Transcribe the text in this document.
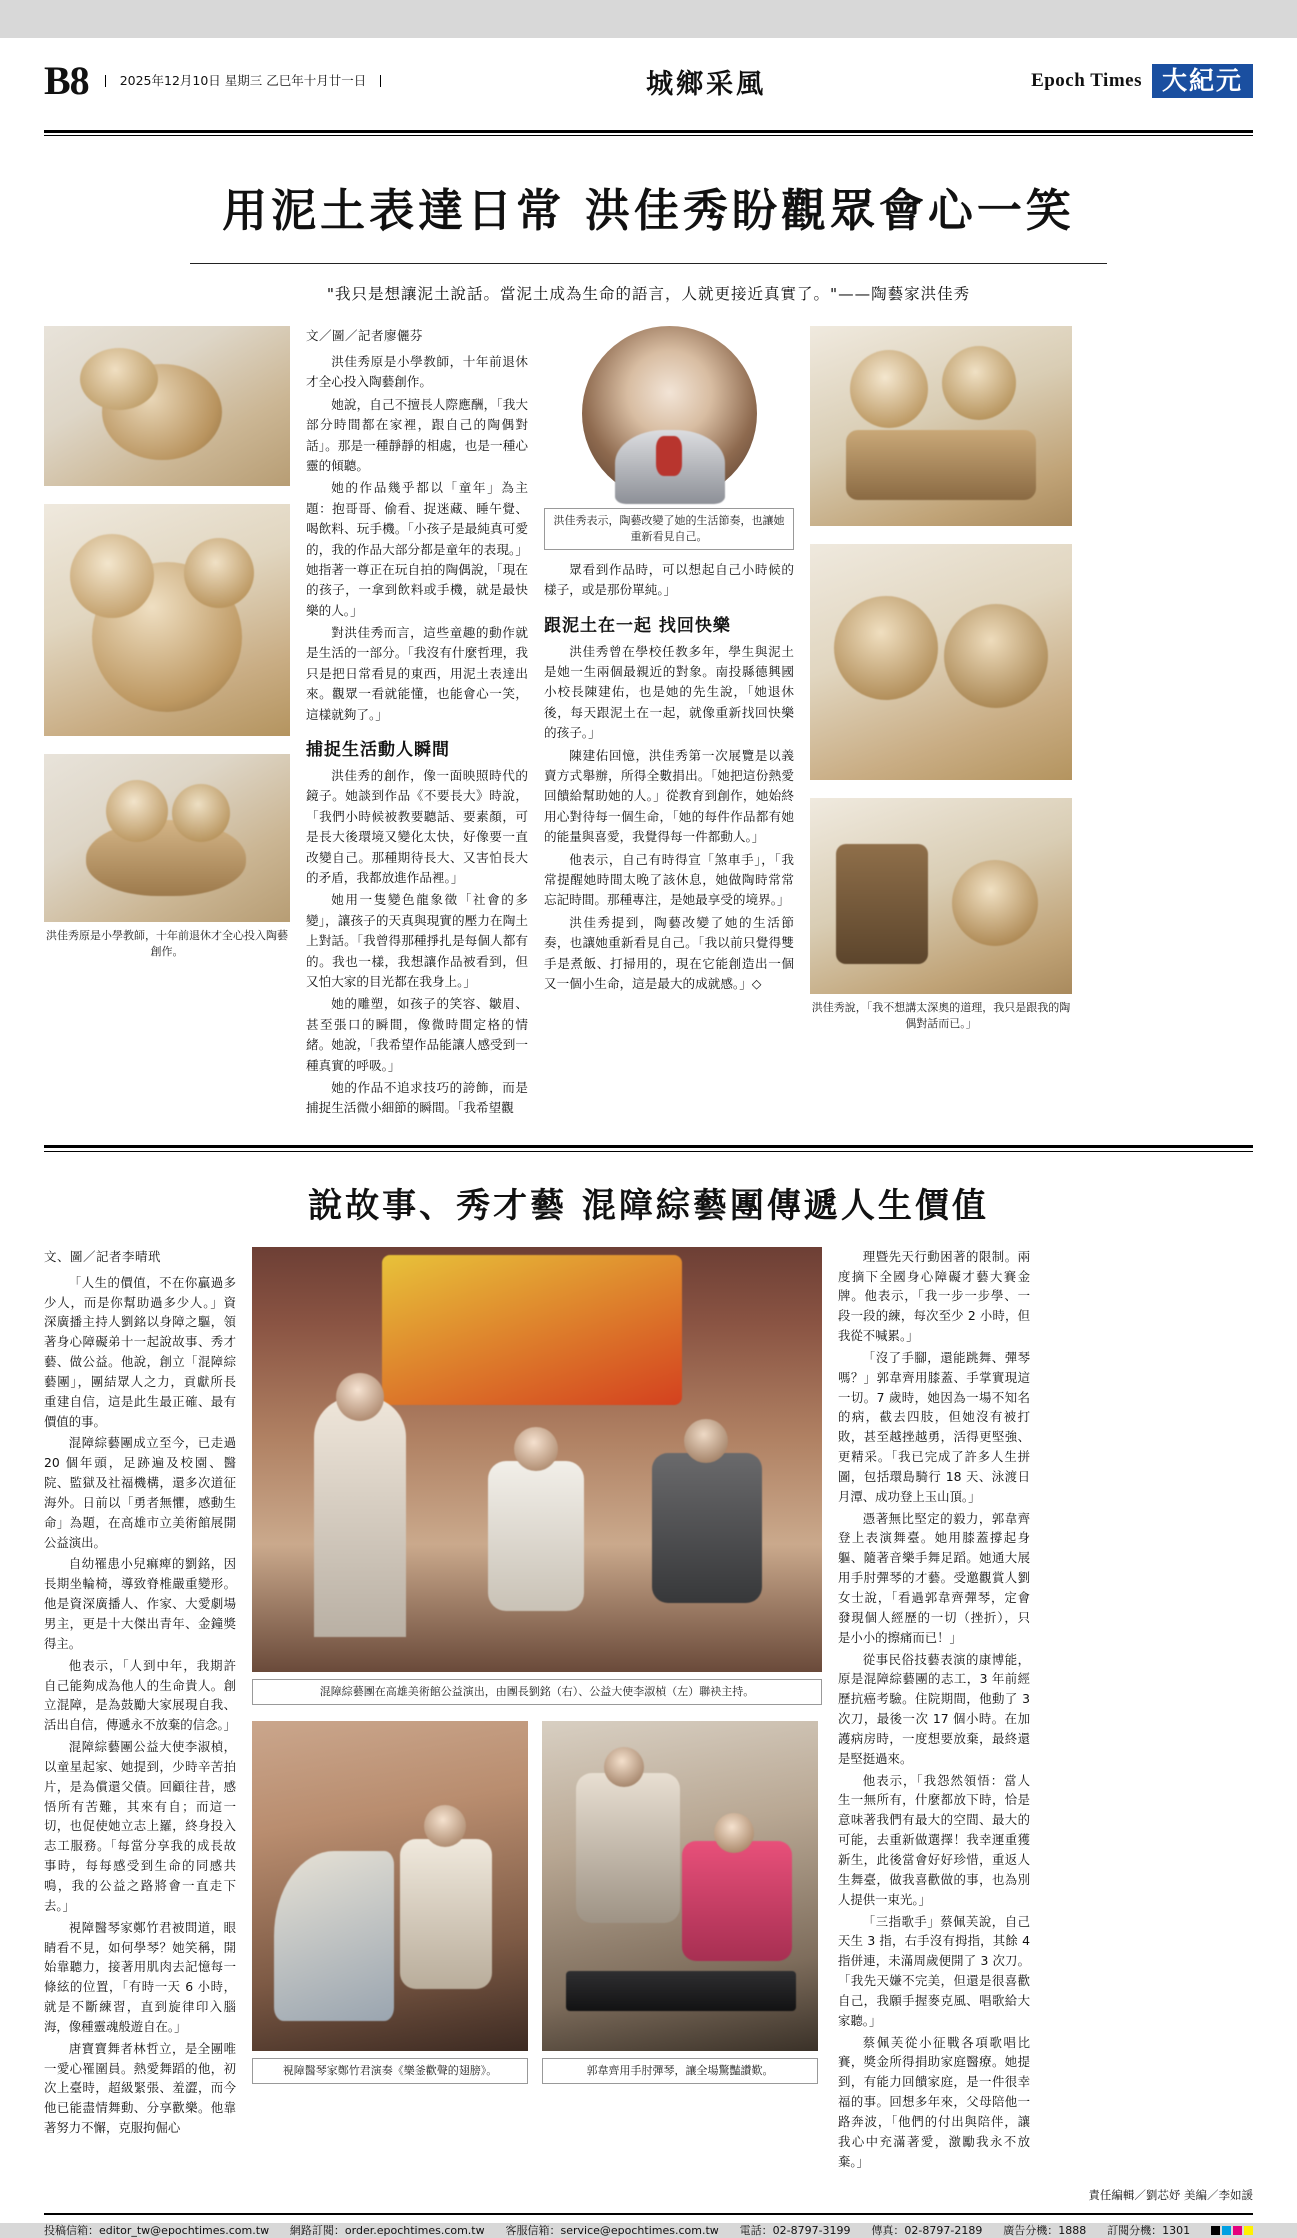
B8	2025年12月10日 星期三 乙巳年十月廿一日	城鄉采風	Epoch Times 大紀元
用泥土表達日常 洪佳秀盼觀眾會心一笑
"我只是想讓泥土說話。當泥土成為生命的語言，人就更接近真實了。"——陶藝家洪佳秀
洪佳秀原是小學教師，十年前退休才全心投入陶藝創作。
文／圖／記者廖儷芬

洪佳秀原是小學教師，十年前退休才全心投入陶藝創作。

她說，自己不擅長人際應酬，「我大部分時間都在家裡，跟自己的陶偶對話」。那是一種靜靜的相處，也是一種心靈的傾聽。

她的作品幾乎都以「童年」為主題：抱哥哥、偷看、捉迷藏、睡午覺、喝飲料、玩手機。「小孩子是最純真可愛的，我的作品大部分都是童年的表現。」她指著一尊正在玩自拍的陶偶說，「現在的孩子，一拿到飲料或手機，就是最快樂的人。」

對洪佳秀而言，這些童趣的動作就是生活的一部分。「我沒有什麼哲理，我只是把日常看見的東西，用泥土表達出來。觀眾一看就能懂，也能會心一笑，這樣就夠了。」

捕捉生活動人瞬間

洪佳秀的創作，像一面映照時代的鏡子。她談到作品《不要長大》時說，「我們小時候被教要聽話、要素顏，可是長大後環境又變化太快，好像要一直改變自己。那種期待長大、又害怕長大的矛盾，我都放進作品裡。」

她用一隻變色龍象徵「社會的多變」，讓孩子的天真與現實的壓力在陶土上對話。「我曾得那種掙扎是每個人都有的。我也一樣，我想讓作品被看到，但又怕大家的目光都在我身上。」

她的雕塑，如孩子的笑容、皺眉、甚至張口的瞬間，像微時間定格的情緒。她說，「我希望作品能讓人感受到一種真實的呼吸。」

她的作品不追求技巧的誇飾，而是捕捉生活微小細節的瞬間。「我希望觀

洪佳秀表示，陶藝改變了她的生活節奏，也讓她重新看見自己。

眾看到作品時，可以想起自己小時候的樣子，或是那份單純。」

跟泥土在一起 找回快樂

洪佳秀曾在學校任教多年，學生與泥土是她一生兩個最親近的對象。南投縣德興國小校長陳建佑，也是她的先生說，「她退休後，每天跟泥土在一起，就像重新找回快樂的孩子。」

陳建佑回憶，洪佳秀第一次展覽是以義賣方式舉辦，所得全數捐出。「她把這份熱愛回饋給幫助她的人。」從教育到創作，她始終用心對待每一個生命，「她的每件作品都有她的能量與喜愛，我覺得每一件都動人。」

他表示，自己有時得宣「煞車手」，「我常提醒她時間太晚了該休息，她做陶時常常忘記時間。那種專注，是她最享受的境界。」

洪佳秀提到，陶藝改變了她的生活節奏，也讓她重新看見自己。「我以前只覺得雙手是煮飯、打掃用的，現在它能創造出一個又一個小生命，這是最大的成就感。」◇

洪佳秀說，「我不想講太深奧的道理，我只是跟我的陶偶對話而已。」
說故事、秀才藝 混障綜藝團傳遞人生價值
文、圖／記者李晴玳

「人生的價值，不在你贏過多少人，而是你幫助過多少人。」資深廣播主持人劉銘以身障之驅，領著身心障礙弟十一起說故事、秀才藝、做公益。他說，創立「混障綜藝團」，團結眾人之力，貢獻所長重建自信，這是此生最正確、最有價值的事。

混障綜藝團成立至今，已走過 20 個年頭，足跡遍及校園、醫院、監獄及社福機構，還多次道征海外。日前以「勇者無懼，感動生命」為題，在高雄市立美術館展開公益演出。

自幼罹患小兒痲痺的劉銘，因長期坐輪椅，導致脊椎嚴重變形。他是資深廣播人、作家、大愛劇場男主，更是十大傑出青年、金鐘獎得主。

他表示，「人到中年，我期許自己能夠成為他人的生命貴人。創立混障，是為鼓勵大家展現自我、活出自信，傳遞永不放棄的信念。」

混障綜藝團公益大使李淑楨，以童星起家、她提到，少時辛苦拍片，是為償還父債。回顧往昔，感悟所有苦難，其來有自；而這一切，也促使她立志上羅，終身投入志工服務。「每當分享我的成長故事時，每每感受到生命的同感共鳴，我的公益之路將會一直走下去。」

視障醫琴家鄭竹君被問道，眼睛看不見，如何學琴？她笑稱，開始靠聽力，接著用肌肉去記憶每一條絃的位置，「有時一天 6 小時，就是不斷練習，直到旋律印入腦海，像種靈魂般遊自在。」

唐寶寶舞者林哲立，是全團唯一愛心罹圍員。熱愛舞蹈的他，初次上臺時，超級緊張、羞澀，而今他已能盡情舞動、分享歡樂。他靠著努力不懈，克服拘倔心

混障綜藝團在高雄美術館公益演出，由團長劉銘（右）、公益大使李淑楨（左）聯袂主持。
視障醫琴家鄭竹君演奏《樂釜歡聲的翅膀》。	郭韋齊用手肘彈琴，讓全場驚豔讚歎。

理暨先天行動困著的限制。兩度摘下全國身心障礙才藝大賽金牌。他表示，「我一步一步學、一段一段的練，每次至少 2 小時，但我從不喊累。」

「沒了手腳，還能跳舞、彈琴嗎？」郭韋齊用膝蓋、手掌實現這一切。7 歲時，她因為一場不知名的病，截去四肢，但她沒有被打敗，甚至越挫越勇，活得更堅強、更精采。「我已完成了許多人生拼圖，包括環島騎行 18 天、泳渡日月潭、成功登上玉山頂。」

憑著無比堅定的毅力，郭韋齊登上表演舞臺。她用膝蓋撐起身軀、隨著音樂手舞足蹈。她通大展用手肘彈琴的才藝。受邀觀賞人劉女士說，「看過郭韋齊彈琴，定會發現個人經歷的一切（挫折），只是小小的擦痛而已！」

從事民俗技藝表演的康博能，原是混障綜藝團的志工，3 年前經歷抗癌考驗。住院期間，他動了 3 次刀，最後一次 17 個小時。在加護病房時，一度想要放棄，最終還是堅挺過來。

他表示，「我怨然領悟：當人生一無所有，什麼都放下時，恰是意味著我們有最大的空間、最大的可能，去重新做選擇！我幸運重獲新生，此後當會好好珍惜，重返人生舞臺，做我喜歡做的事，也為別人提供一束光。」

「三指歌手」蔡佩芙說，自己天生 3 指，右手沒有拇指，其餘 4 指併連，未滿周歲便開了 3 次刀。「我先天嫌不完美，但還是很喜歡自己，我願手握麥克風、唱歌給大家聽。」

蔡佩芙從小征戰各項歌唱比賽，獎金所得捐助家庭醫療。她提到，有能力回饋家庭，是一件很幸福的事。回想多年來，父母陪他一路奔波，「他們的付出與陪伴，讓我心中充滿著愛，激勵我永不放棄。」

責任編輯／劉芯妤 美編／李如諼
投稿信箱：editor_tw@epochtimes.com.tw	網路訂閱：order.epochtimes.com.tw	客服信箱：service@epochtimes.com.tw	電話：02-8797-3199	傳真：02-8797-2189	廣告分機：1888	訂閱分機：1301
